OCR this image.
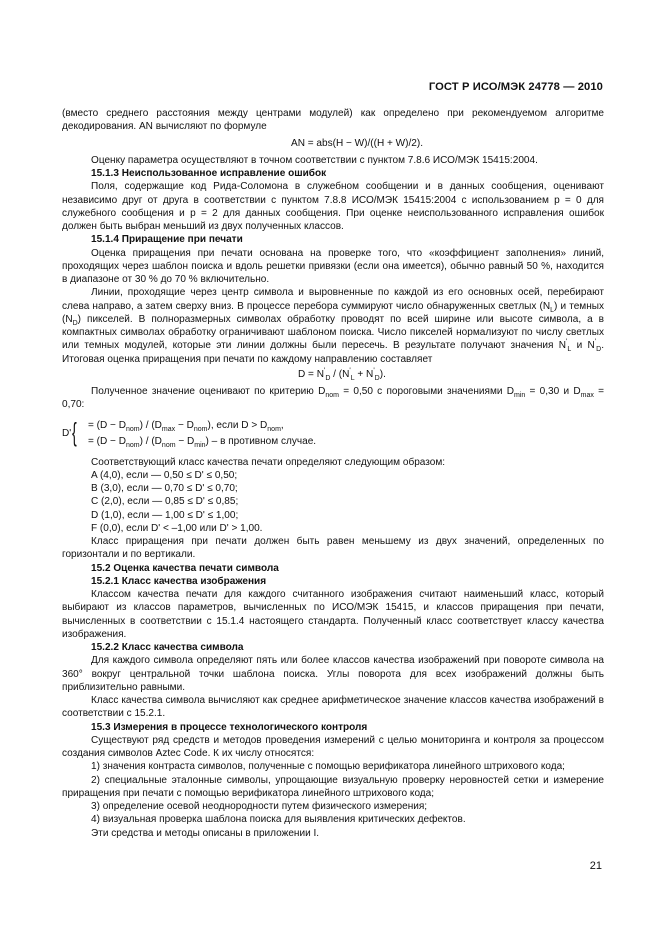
ГОСТ Р ИСО/МЭК 24778 — 2010

(вместо среднего расстояния между центрами модулей) как определено при рекомендуемом алгоритме декодирования. AN вычисляют по формуле

AN = abs(H − W)/((H + W)/2).

Оценку параметра осуществляют в точном соответствии с пунктом 7.8.6 ИСО/МЭК 15415:2004.

15.1.3 Неиспользованное исправление ошибок

Поля, содержащие код Рида-Соломона в служебном сообщении и в данных сообщения, оценивают независимо друг от друга в соответствии с пунктом 7.8.8 ИСО/МЭК 15415:2004 с использованием p = 0 для служебного сообщения и p = 2 для данных сообщения. При оценке неиспользованного исправления ошибок должен быть выбран меньший из двух полученных классов.

15.1.4 Приращение при печати

Оценка приращения при печати основана на проверке того, что «коэффициент заполнения» линий, проходящих через шаблон поиска и вдоль решетки привязки (если она имеется), обычно равный 50 %, находится в диапазоне от 30 % до 70 % включительно.

Линии, проходящие через центр символа и выровненные по каждой из его основных осей, перебирают слева направо, а затем сверху вниз. В процессе перебора суммируют число обнаруженных светлых $(N_L)$ и темных $(N_D)$ пикселей. В полноразмерных символах обработку проводят по всей ширине или высоте символа, а в компактных символах обработку ограничивают шаблоном поиска. Число пикселей нормализуют по числу светлых или темных модулей, которые эти линии должны были пересечь. В результате получают значения $N'_L$ и $N'_D$. Итоговая оценка приращения при печати по каждому направлению составляет

$D = N'_D / (N'_L + N'_D)$.

Полученное значение оценивают по критерию $D_{nom} = 0,50$ с пороговыми значениями $D_{min} = 0,30$ и $D_{max} = 0,70$:

D' { = $(D - D_{nom}) / (D_{max} - D_{nom})$, если $D > D_{nom}$,
= $(D - D_{nom}) / (D_{nom} - D_{min}) - в$ противном случае.

Соответствующий класс качества печати определяют следующим образом:

A (4,0), если — 0,50 ≤ D' ≤ 0,50;
B (3,0), если — 0,70 ≤ D' ≤ 0,70;
C (2,0), если — 0,85 ≤ D' ≤ 0,85;
D (1,0), если — 1,00 ≤ D' ≤ 1,00;
F (0,0), если D' < –1,00 или D' > 1,00.

Класс приращения при печати должен быть равен меньшему из двух значений, определенных по горизонтали и по вертикали.

15.2 Оценка качества печати символа

15.2.1 Класс качества изображения

Классом качества печати для каждого считанного изображения считают наименьший класс, который выбирают из классов параметров, вычисленных по ИСО/МЭК 15415, и классов приращения при печати, вычисленных в соответствии с 15.1.4 настоящего стандарта. Полученный класс соответствует классу качества изображения.

15.2.2 Класс качества символа

Для каждого символа определяют пять или более классов качества изображений при повороте символа на 360° вокруг центральной точки шаблона поиска. Углы поворота для всех изображений должны быть приблизительно равными.

Класс качества символа вычисляют как среднее арифметическое значение классов качества изображений в соответствии с 15.2.1.

15.3 Измерения в процессе технологического контроля

Существуют ряд средств и методов проведения измерений с целью мониторинга и контроля за процессом создания символов Aztec Code. К их числу относятся:

1) значения контраста символов, полученные с помощью верификатора линейного штрихового кода;

2) специальные эталонные символы, упрощающие визуальную проверку неровностей сетки и измерение приращения при печати с помощью верификатора линейного штрихового кода;

3) определение осевой неоднородности путем физического измерения;

4) визуальная проверка шаблона поиска для выявления критических дефектов.

Эти средства и методы описаны в приложении I.

21
